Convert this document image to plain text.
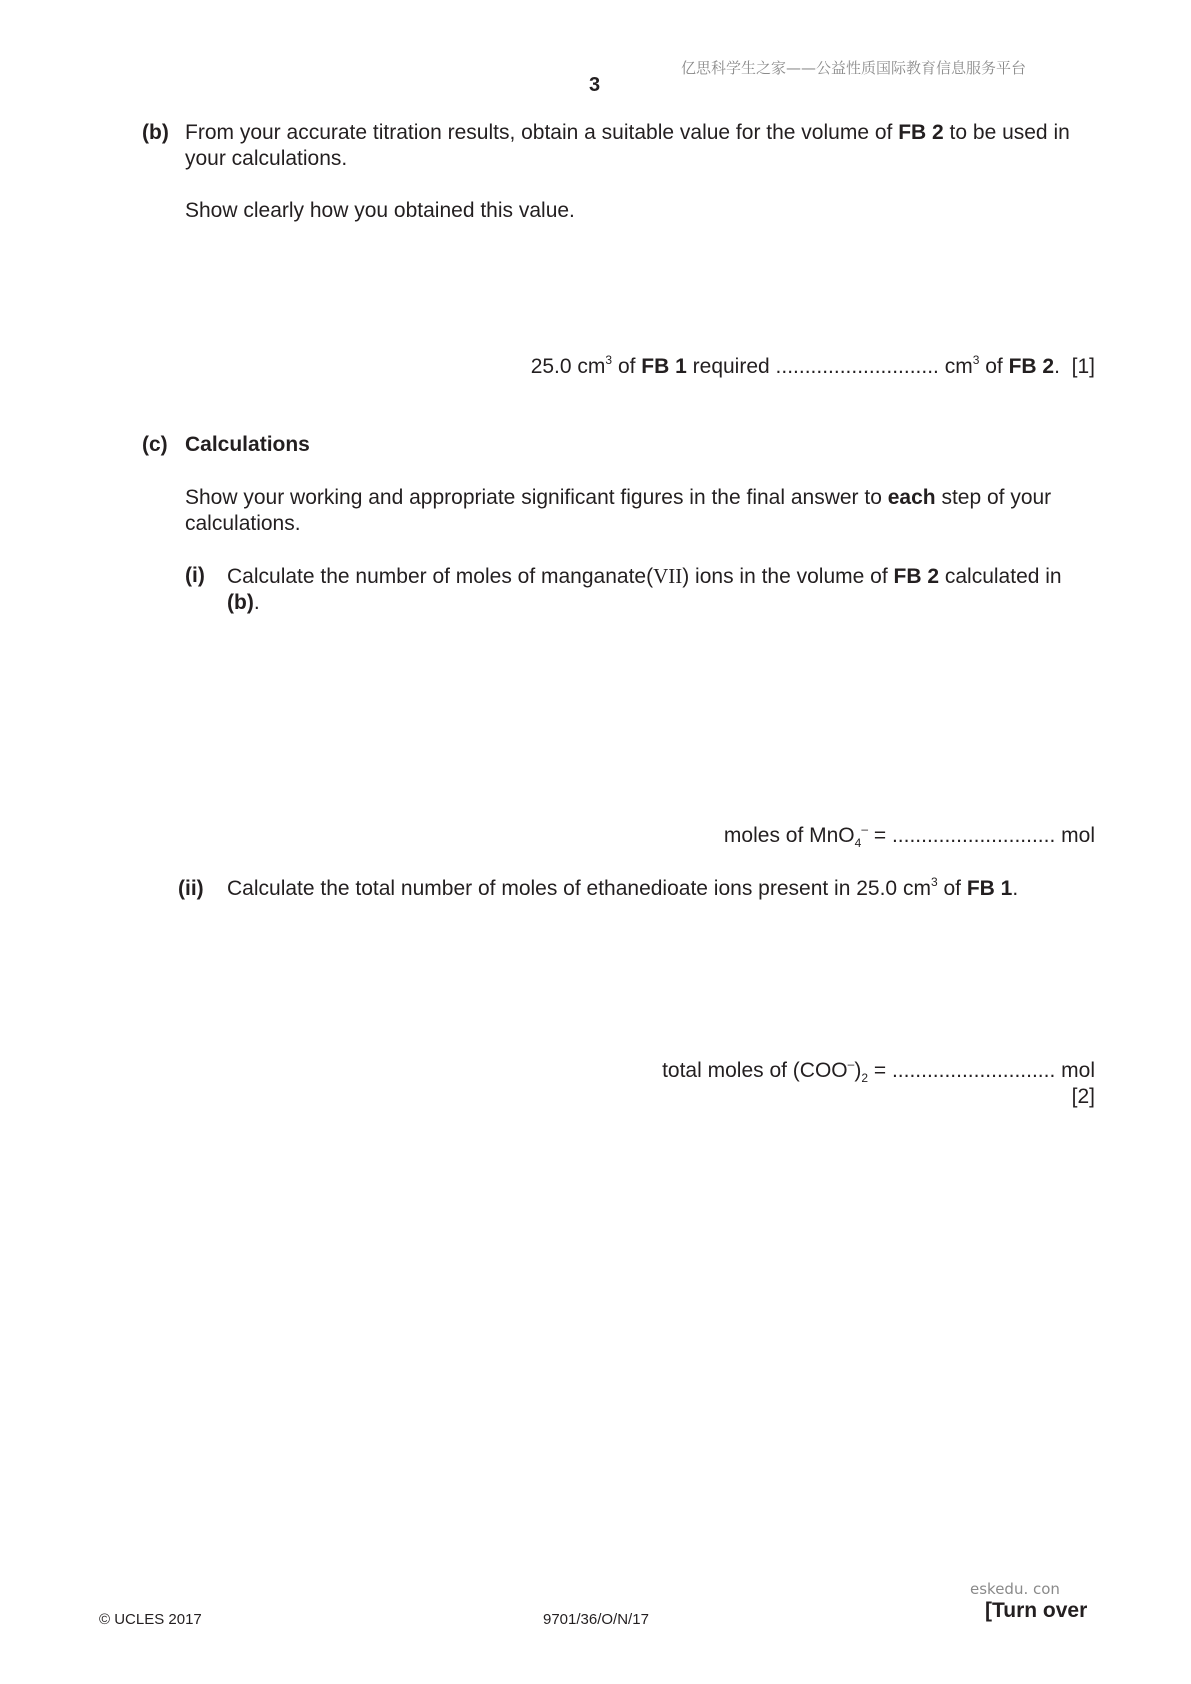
亿思科学生之家——公益性质国际教育信息服务平台
3
(b) From your accurate titration results, obtain a suitable value for the volume of FB 2 to be used in your calculations.
Show clearly how you obtained this value.
25.0 $cm^3$ of FB 1 required ............................ $cm^3$ of FB 2. [1]
(c) Calculations
Show your working and appropriate significant figures in the final answer to each step of your calculations.
(i) Calculate the number of moles of manganate(VII) ions in the volume of FB 2 calculated in (b).
moles of MnO$_4$– = ............................ mol
(ii) Calculate the total number of moles of ethanedioate ions present in 25.0 $cm^3$ of FB 1.
total moles of $(COO^-)_2$ = ............................ mol
[2]
eskedu. con
© UCLES 2017	9701/36/O/N/17	[Turn over
